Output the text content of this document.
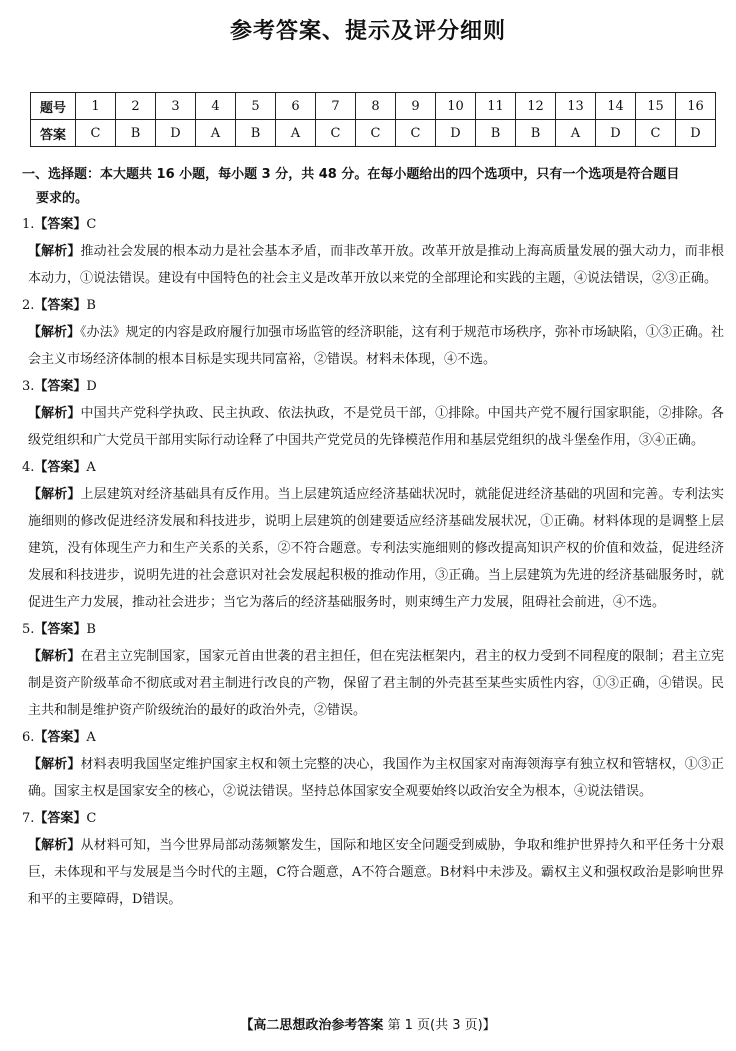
参考答案、提示及评分细则
题号	1	2	3	4	5	6	7	8	9	10	11	12	13	14	15	16
答案	C	B	D	A	B	A	C	C	C	D	B	B	A	D	C	D
一、选择题：本大题共 16 小题，每小题 3 分，共 48 分。在每小题给出的四个选项中，只有一个选项是符合题目
要求的。
1.【答案】C

【解析】推动社会发展的根本动力是社会基本矛盾，而非改革开放。改革开放是推动上海高质量发展的强大动力，而非根本动力，①说法错误。建设有中国特色的社会主义是改革开放以来党的全部理论和实践的主题，④说法错误，②③正确。

2.【答案】B

【解析】《办法》规定的内容是政府履行加强市场监管的经济职能，这有利于规范市场秩序，弥补市场缺陷，①③正确。社会主义市场经济体制的根本目标是实现共同富裕，②错误。材料未体现，④不选。

3.【答案】D

【解析】中国共产党科学执政、民主执政、依法执政，不是党员干部，①排除。中国共产党不履行国家职能，②排除。各级党组织和广大党员干部用实际行动诠释了中国共产党党员的先锋模范作用和基层党组织的战斗堡垒作用，③④正确。

4.【答案】A

【解析】上层建筑对经济基础具有反作用。当上层建筑适应经济基础状况时，就能促进经济基础的巩固和完善。专利法实施细则的修改促进经济发展和科技进步，说明上层建筑的创建要适应经济基础发展状况，①正确。材料体现的是调整上层建筑，没有体现生产力和生产关系的关系，②不符合题意。专利法实施细则的修改提高知识产权的价值和效益，促进经济发展和科技进步，说明先进的社会意识对社会发展起积极的推动作用，③正确。当上层建筑为先进的经济基础服务时，就促进生产力发展，推动社会进步；当它为落后的经济基础服务时，则束缚生产力发展，阻碍社会前进，④不选。

5.【答案】B

【解析】在君主立宪制国家，国家元首由世袭的君主担任，但在宪法框架内，君主的权力受到不同程度的限制；君主立宪制是资产阶级革命不彻底或对君主制进行改良的产物，保留了君主制的外壳甚至某些实质性内容，①③正确，④错误。民主共和制是维护资产阶级统治的最好的政治外壳，②错误。

6.【答案】A

【解析】材料表明我国坚定维护国家主权和领土完整的决心，我国作为主权国家对南海领海享有独立权和管辖权，①③正确。国家主权是国家安全的核心，②说法错误。坚持总体国家安全观要始终以政治安全为根本，④说法错误。

7.【答案】C

【解析】从材料可知，当今世界局部动荡频繁发生，国际和地区安全问题受到威胁，争取和维护世界持久和平任务十分艰巨，未体现和平与发展是当今时代的主题，C符合题意，A不符合题意。B材料中未涉及。霸权主义和强权政治是影响世界和平的主要障碍，D错误。

【高二思想政治参考答案 第 1 页(共 3 页)】
